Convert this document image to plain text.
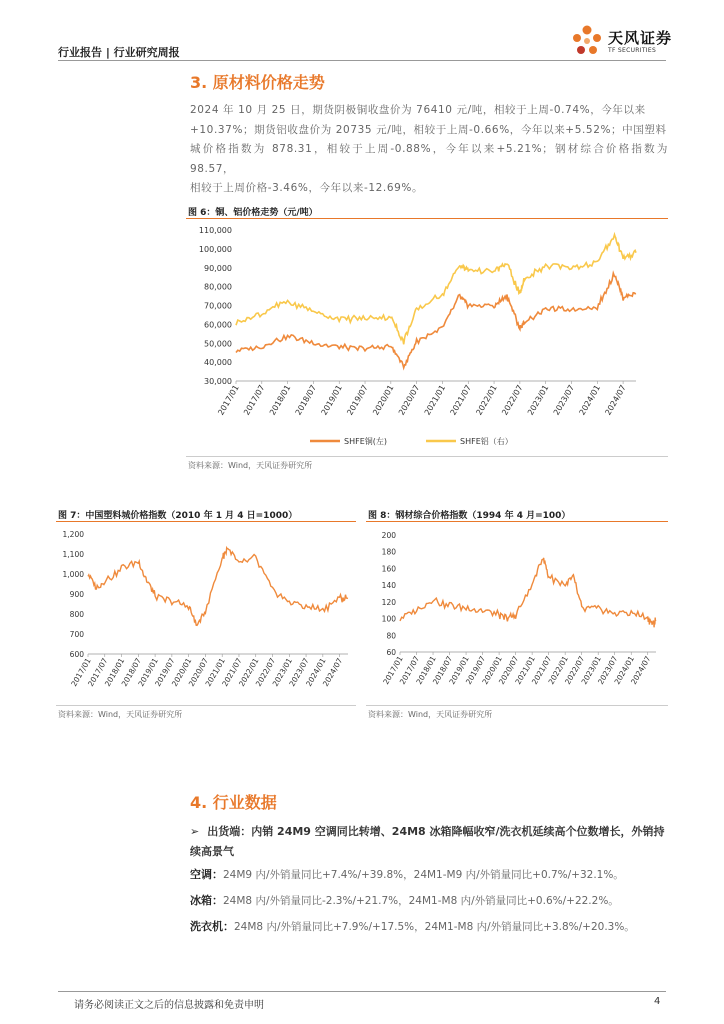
行业报告 | 行业研究周报
天风证券
TF SECURITIES
3. 原材料价格走势
2024 年 10 月 25 日，期货阴极铜收盘价为 76410 元/吨，相较于上周-0.74%，今年以来
+10.37%；期货铝收盘价为 20735 元/吨，相较于上周-0.66%，今年以来+5.52%；中国塑料
城价格指数为 878.31，相较于上周-0.88%，今年以来+5.21%；钢材综合价格指数为 98.57，
相较于上周价格-3.46%，今年以来-12.69%。
图 6：铜、铝价格走势（元/吨）
30,000
40,000
50,000
60,000
70,000
80,000
90,000
100,000
110,000
2017/01 2017/07 2018/01 2018/07 2019/01 2019/07 2020/01 2020/07 2021/01 2021/07 2022/01 2022/07 2023/01 2023/07 2024/01 2024/07
SHFE铜(左)	SHFE铝（右）
资料来源：Wind，天风证券研究所
图 7：中国塑料城价格指数（2010 年 1 月 4 日=1000）
600
700
800
900
1,000
1,100
1,200
2017/01
2017/07
2018/01
2018/07
2019/01
2019/07
2020/01
2020/07
2021/01
2021/07
2022/01
2022/07
2023/01
2023/07
2024/01
2024/07
资料来源：Wind，天风证券研究所
图 8：钢材综合价格指数（1994 年 4 月=100）
60
80
100
120
140
160
180
200
2017/01
2017/07
2018/01
2018/07
2019/01
2019/07
2020/01
2020/07
2021/01
2021/07
2022/01
2022/07
2023/01
2023/07
2024/01
2024/07
资料来源：Wind，天风证券研究所
4. 行业数据
➢ 出货端：内销 24M9 空调同比转增、24M8 冰箱降幅收窄/洗衣机延续高个位数增长，外销持续高景气
空调：24M9 内/外销量同比+7.4%/+39.8%，24M1-M9 内/外销量同比+0.7%/+32.1%。
冰箱：24M8 内/外销量同比-2.3%/+21.7%，24M1-M8 内/外销量同比+0.6%/+22.2%。
洗衣机：24M8 内/外销量同比+7.9%/+17.5%，24M1-M8 内/外销量同比+3.8%/+20.3%。
请务必阅读正文之后的信息披露和免责申明	4
